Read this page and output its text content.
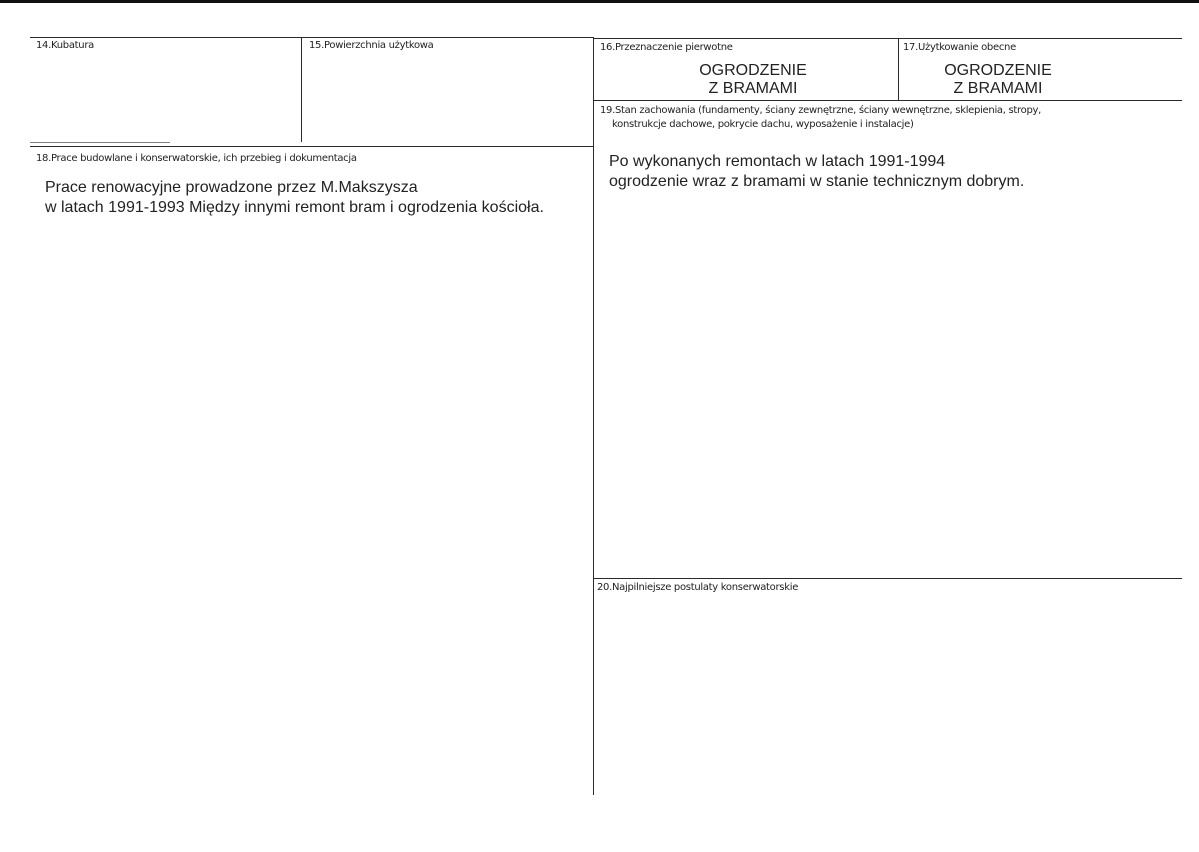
14.Kubatura	15.Powierzchnia użytkowa	16.Przeznaczenie pierwotne
OGRODZENIE
Z BRAMAMI
17.Użytkowanie obecne
OGRODZENIE
Z BRAMAMI
19.Stan zachowania (fundamenty, ściany zewnętrzne, ściany wewnętrzne, sklepienia, stropy,
konstrukcje dachowe, pokrycie dachu, wyposażenie i instalacje)
Po wykonanych remontach w latach 1991-1994
ogrodzenie wraz z bramami w stanie technicznym dobrym.
18.Prace budowlane i konserwatorskie, ich przebieg i dokumentacja
Prace renowacyjne prowadzone przez M.Makszysza
w latach 1991-1993 Między innymi remont bram i ogrodzenia kościoła.
20.Najpilniejsze postulaty konserwatorskie
